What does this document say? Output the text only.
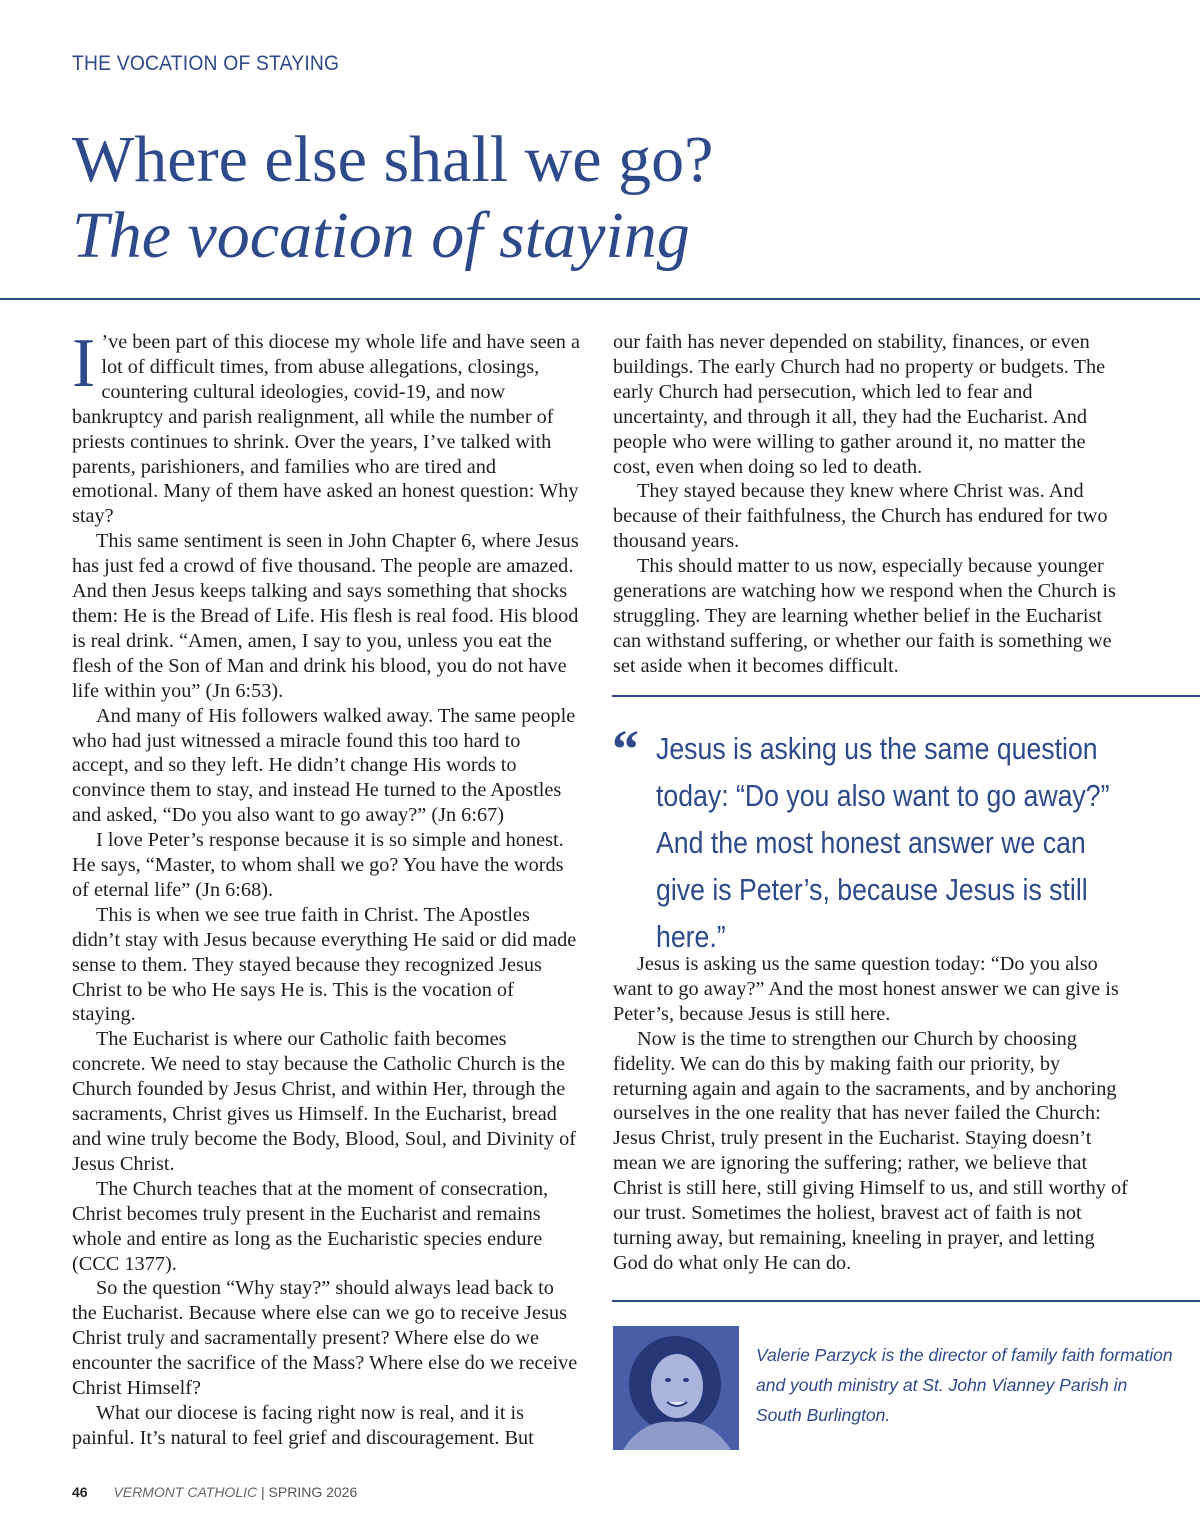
THE VOCATION OF STAYING
Where else shall we go?
The vocation of staying

I ’ve been part of this diocese my whole life and have seen a lot of difficult times, from abuse allegations, closings, countering cultural ideologies, covid-19, and now bankruptcy and parish realignment, all while the number of priests continues to shrink. Over the years, I’ve talked with parents, parishioners, and families who are tired and emotional. Many of them have asked an honest question: Why stay?

This same sentiment is seen in John Chapter 6, where Jesus has just fed a crowd of five thousand. The people are amazed. And then Jesus keeps talking and says something that shocks them: He is the Bread of Life. His flesh is real food. His blood is real drink. “Amen, amen, I say to you, unless you eat the flesh of the Son of Man and drink his blood, you do not have life within you” (Jn 6:53).

And many of His followers walked away. The same people who had just witnessed a miracle found this too hard to accept, and so they left. He didn’t change His words to convince them to stay, and instead He turned to the Apostles and asked, “Do you also want to go away?” (Jn 6:67)

I love Peter’s response because it is so simple and honest. He says, “Master, to whom shall we go? You have the words of eternal life” (Jn 6:68).

This is when we see true faith in Christ. The Apostles didn’t stay with Jesus because everything He said or did made sense to them. They stayed because they recognized Jesus Christ to be who He says He is. This is the vocation of staying.

The Eucharist is where our Catholic faith becomes concrete. We need to stay because the Catholic Church is the Church founded by Jesus Christ, and within Her, through the sacraments, Christ gives us Himself. In the Eucharist, bread and wine truly become the Body, Blood, Soul, and Divinity of Jesus Christ.

The Church teaches that at the moment of consecration, Christ becomes truly present in the Eucharist and remains whole and entire as long as the Eucharistic species endure (CCC 1377).

So the question “Why stay?” should always lead back to the Eucharist. Because where else can we go to receive Jesus Christ truly and sacramentally present? Where else do we encounter the sacrifice of the Mass? Where else do we receive Christ Himself?

What our diocese is facing right now is real, and it is painful. It’s natural to feel grief and discouragement. But

our faith has never depended on stability, finances, or even buildings. The early Church had no property or budgets. The early Church had persecution, which led to fear and uncertainty, and through it all, they had the Eucharist. And people who were willing to gather around it, no matter the cost, even when doing so led to death.

They stayed because they knew where Christ was. And because of their faithfulness, the Church has endured for two thousand years.

This should matter to us now, especially because younger generations are watching how we respond when the Church is struggling. They are learning whether belief in the Eucharist can withstand suffering, or whether our faith is something we set aside when it becomes difficult.

“ Jesus is asking us the same question today: “Do you also want to go away?” And the most honest answer we can give is Peter’s, because Jesus is still here.”

Jesus is asking us the same question today: “Do you also want to go away?” And the most honest answer we can give is Peter’s, because Jesus is still here.

Now is the time to strengthen our Church by choosing fidelity. We can do this by making faith our priority, by returning again and again to the sacraments, and by anchoring ourselves in the one reality that has never failed the Church: Jesus Christ, truly present in the Eucharist. Staying doesn’t mean we are ignoring the suffering; rather, we believe that Christ is still here, still giving Himself to us, and still worthy of our trust. Sometimes the holiest, bravest act of faith is not turning away, but remaining, kneeling in prayer, and letting God do what only He can do.

Valerie Parzyck is the director of family faith formation and youth ministry at St. John Vianney Parish in South Burlington.
46 VERMONT CATHOLIC | SPRING 2026
